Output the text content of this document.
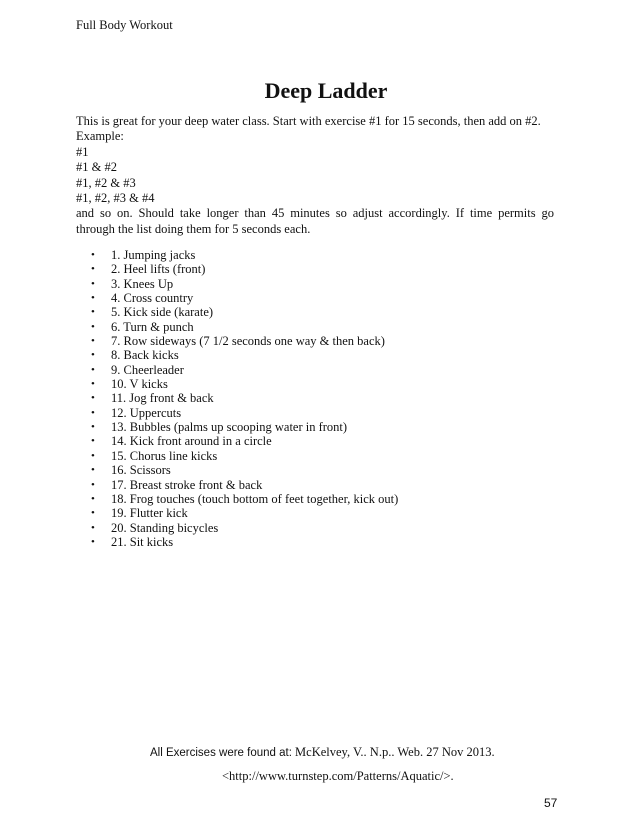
Full Body Workout
Deep Ladder
This is great for your deep water class. Start with exercise #1 for 15 seconds, then add on #2.
Example:
#1
#1 & #2
#1, #2 & #3
#1, #2, #3 & #4
and so on. Should take longer than 45 minutes so adjust accordingly. If time permits go through the list doing them for 5 seconds each.
• 1. Jumping jacks
• 2. Heel lifts (front)
• 3. Knees Up
• 4. Cross country
• 5. Kick side (karate)
• 6. Turn & punch
• 7. Row sideways (7 1/2 seconds one way & then back)
• 8. Back kicks
• 9. Cheerleader
• 10. V kicks
• 11. Jog front & back
• 12. Uppercuts
• 13. Bubbles (palms up scooping water in front)
• 14. Kick front around in a circle
• 15. Chorus line kicks
• 16. Scissors
• 17. Breast stroke front & back
• 18. Frog touches (touch bottom of feet together, kick out)
• 19. Flutter kick
• 20. Standing bicycles
• 21. Sit kicks
All Exercises were found at: McKelvey, V.. N.p.. Web. 27 Nov 2013.
<http://www.turnstep.com/Patterns/Aquatic/>.
57
